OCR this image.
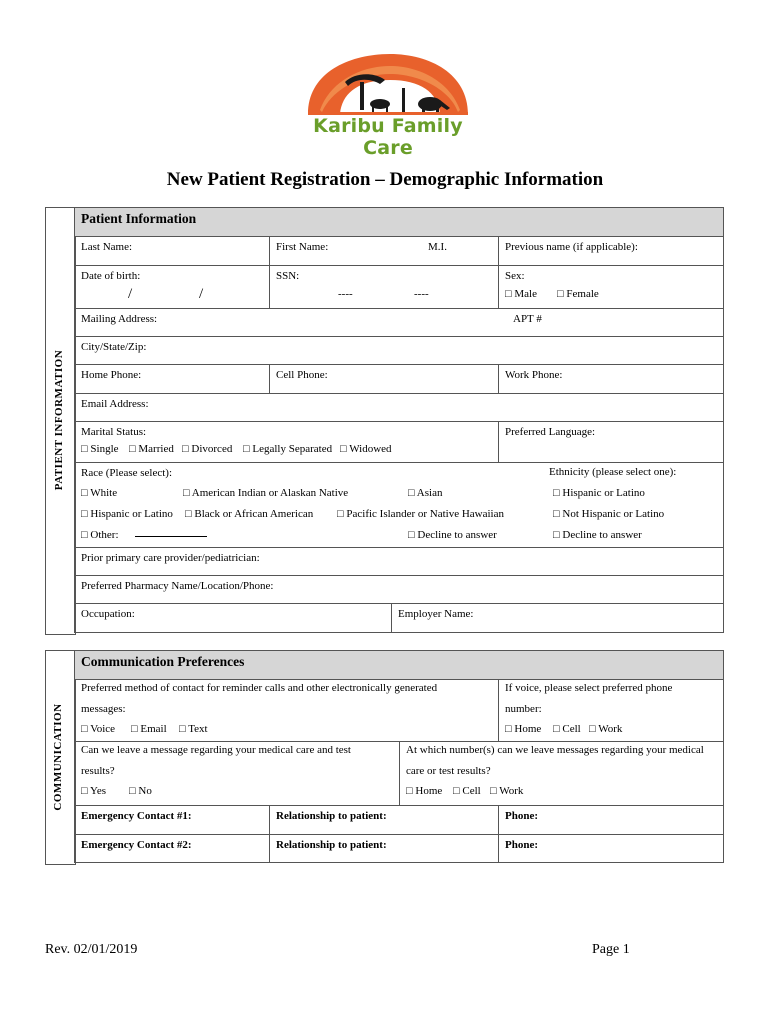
Karibu Family Care
New Patient Registration – Demographic Information
PATIENT INFORMATION
Patient Information
Last Name:	First Name:	M.I.	Previous name (if applicable):
Date of birth:
/	/
SSN:
----	----
Sex:
□ Male □ Female
Mailing Address:	APT #
City/State/Zip:
Home Phone:	Cell Phone:	Work Phone:
Email Address:
Marital Status:
□ Single □ Married □ Divorced □ Legally Separated □ Widowed
Preferred Language:
Race (Please select):	Ethnicity (please select one):
□ White	□ American Indian or Alaskan Native	□ Asian	□ Hispanic or Latino
□ Hispanic or Latino □ Black or African American □ Pacific Islander or Native Hawaiian	□ Not Hispanic or Latino
□ Other:	□ Decline to answer	□ Decline to answer
Prior primary care provider/pediatrician:
Preferred Pharmacy Name/Location/Phone:
Occupation:	Employer Name:
COMMUNICATION
Communication Preferences
Preferred method of contact for reminder calls and other electronically generated
messages:
□ Voice □ Email □ Text
If voice, please select preferred phone
number:
□ Home □ Cell □ Work
Can we leave a message regarding your medical care and test
results?
□ Yes □ No
At which number(s) can we leave messages regarding your medical
care or test results?
□ Home □ Cell □ Work
Emergency Contact #1:	Relationship to patient:	Phone:
Emergency Contact #2:	Relationship to patient:	Phone:
Rev. 02/01/2019	Page 1
